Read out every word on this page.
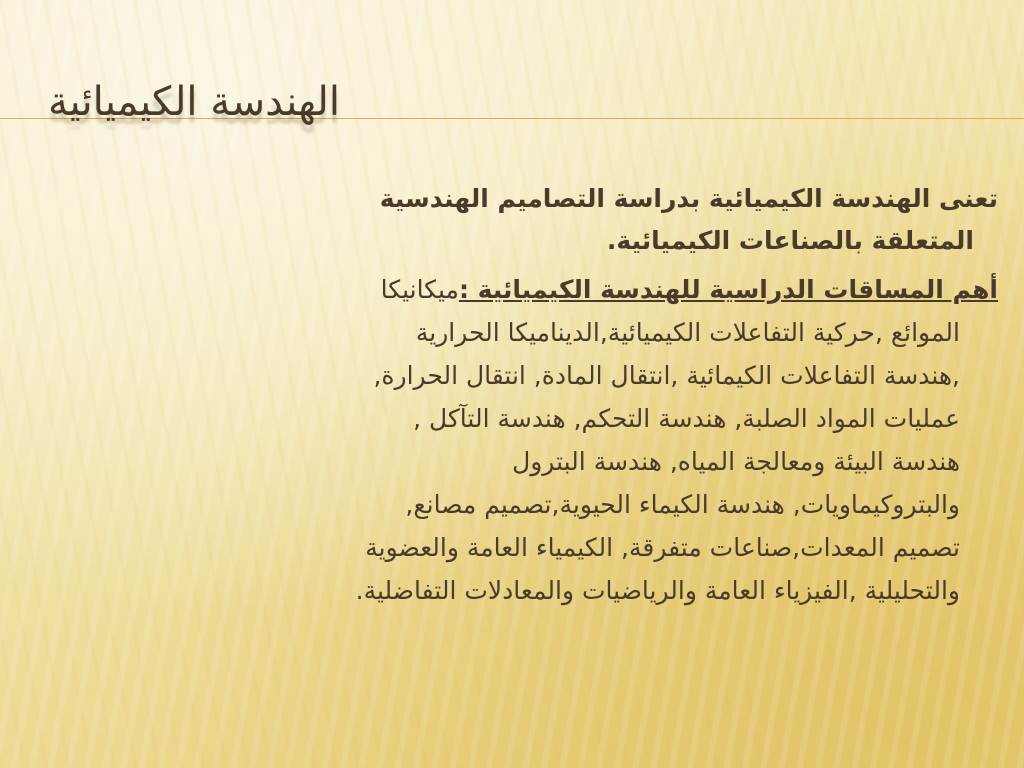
الهندسة الكيميائية

تعنى الهندسة الكيميائية بدراسة التصاميم الهندسية
المتعلقة بالصناعات الكيميائية.

أهم المساقات الدراسية للهندسة الكيميائية :ميكانيكا
الموائع ,حركية التفاعلات الكيميائية,الديناميكا الحرارية
,هندسة التفاعلات الكيمائية ,انتقال المادة, انتقال الحرارة,
عمليات المواد الصلبة, هندسة التحكم, هندسة التآكل ,
هندسة البيئة ومعالجة المياه, هندسة البترول
والبتروكيماويات, هندسة الكيماء الحيوية,تصميم مصانع,
تصميم المعدات,صناعات متفرقة, الكيمياء العامة والعضوية
والتحليلية ,الفيزياء العامة والرياضيات والمعادلات التفاضلية.
